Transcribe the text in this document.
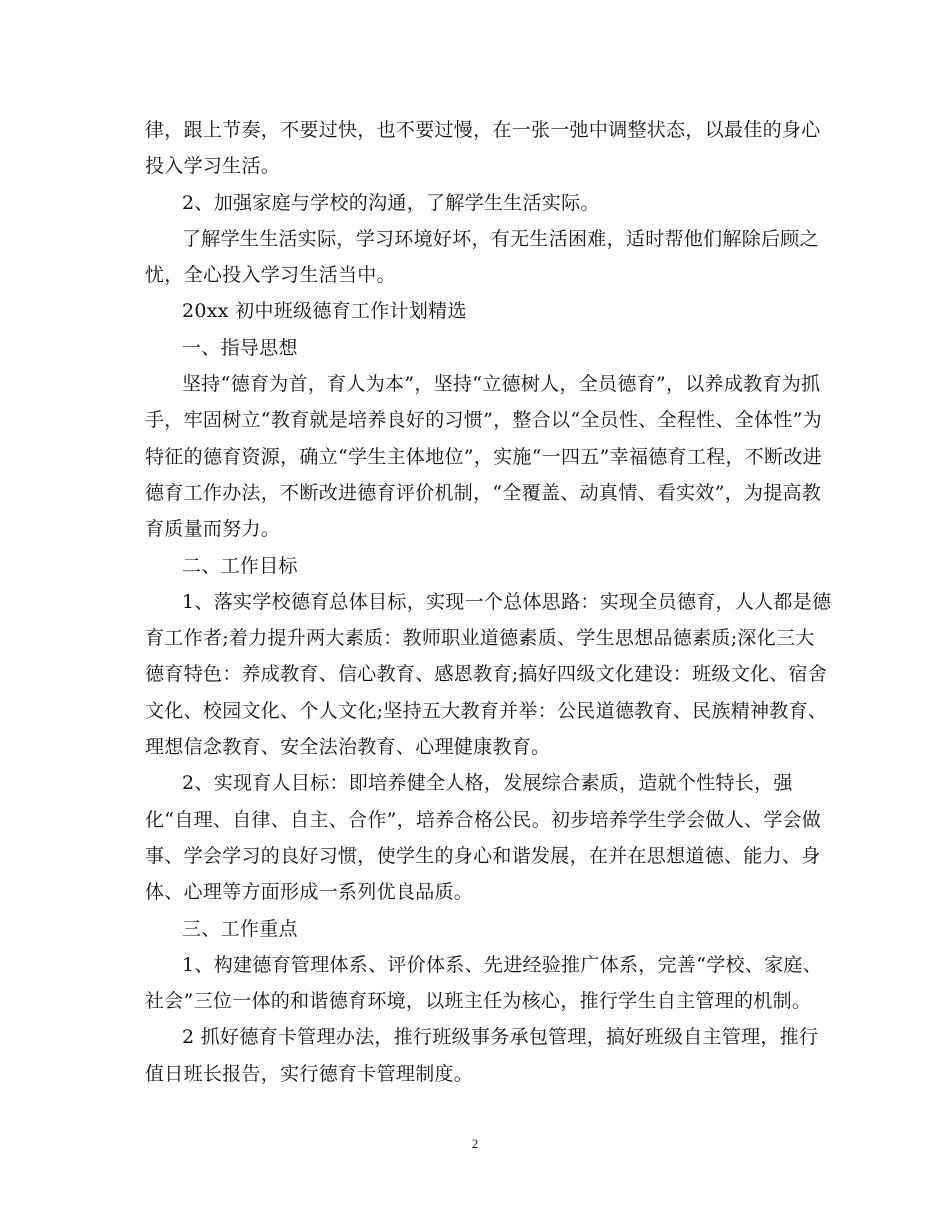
律，跟上节奏，不要过快，也不要过慢，在一张一弛中调整状态，以最佳的身心
投入学习生活。
2、加强家庭与学校的沟通，了解学生生活实际。
了解学生生活实际，学习环境好坏，有无生活困难，适时帮他们解除后顾之
忧，全心投入学习生活当中。
20xx 初中班级德育工作计划精选
一、指导思想
坚持“德育为首，育人为本”，坚持“立德树人，全员德育”，以养成教育为抓
手，牢固树立“教育就是培养良好的习惯”，整合以“全员性、全程性、全体性”为
特征的德育资源，确立“学生主体地位”，实施“一四五”幸福德育工程，不断改进
德育工作办法，不断改进德育评价机制，“全覆盖、动真情、看实效”，为提高教
育质量而努力。
二、工作目标
1、落实学校德育总体目标，实现一个总体思路：实现全员德育，人人都是德
育工作者;着力提升两大素质：教师职业道德素质、学生思想品德素质;深化三大
德育特色：养成教育、信心教育、感恩教育;搞好四级文化建设：班级文化、宿舍
文化、校园文化、个人文化;坚持五大教育并举：公民道德教育、民族精神教育、
理想信念教育、安全法治教育、心理健康教育。
2、实现育人目标：即培养健全人格，发展综合素质，造就个性特长，强
化“自理、自律、自主、合作”，培养合格公民。初步培养学生学会做人、学会做
事、学会学习的良好习惯，使学生的身心和谐发展，在并在思想道德、能力、身
体、心理等方面形成一系列优良品质。
三、工作重点
1、构建德育管理体系、评价体系、先进经验推广体系，完善“学校、家庭、
社会”三位一体的和谐德育环境，以班主任为核心，推行学生自主管理的机制。
2 抓好德育卡管理办法，推行班级事务承包管理，搞好班级自主管理，推行
值日班长报告，实行德育卡管理制度。
2
